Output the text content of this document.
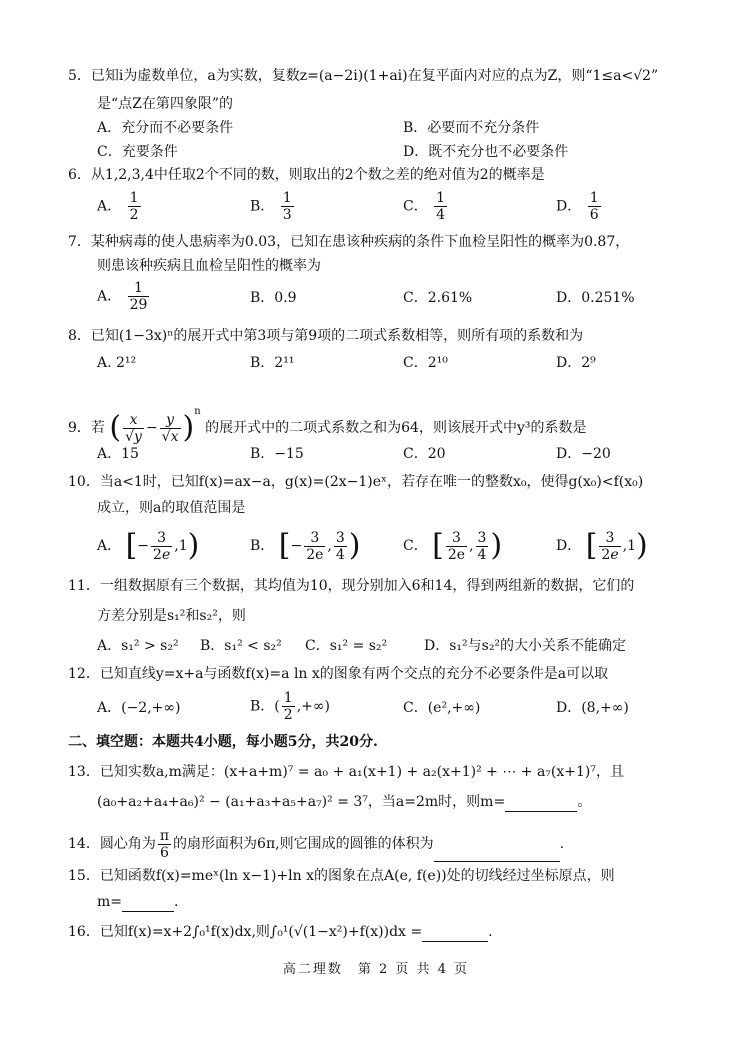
5．已知i为虚数单位，a为实数，复数z=(a−2i)(1+ai)在复平面内对应的点为Z，则“1≤a<√2”
是“点Z在第四象限”的
A．充分而不必要条件	B．必要而不充分条件
C．充要条件	D．既不充分也不必要条件
6．从1,2,3,4中任取2个不同的数，则取出的2个数之差的绝对值为2的概率是
A． $\frac{1}{2}$	B． $\frac{1}{3}$	C． $\frac{1}{4}$	D． $\frac{1}{6}$
7．某种病毒的使人患病率为0.03，已知在患该种疾病的条件下血检呈阳性的概率为0.87，
则患该种疾病且血检呈阳性的概率为
A． $\frac{1}{29}$	B．0.9	C．2.61%	D．0.251%
8．已知(1−3x)ⁿ的展开式中第3项与第9项的二项式系数相等，则所有项的系数和为
A. 2¹²	B．2¹¹	C．2¹⁰	D．2⁹
9．若 ( $\frac{x}{√y} - \frac{y}{√x} )^n$ 的展开式中的二项式系数之和为64，则该展开式中y³的系数是
A．15	B．−15	C．20	D．−20
10．当a<1时，已知f(x)=ax−a，g(x)=(2x−1)eˣ，若存在唯一的整数x₀，使得g(x₀)<f(x₀)
成立，则a的取值范围是
A． [− $\frac{3}{2e} ,1$)	B． [− $\frac{3}{2e}$ , $\frac{3}{4}$ )	C． [ $\frac{3}{2e}$ , $\frac{3}{4}$ )	D． [ $\frac{3}{2e} ,1$)
11．一组数据原有三个数据，其均值为10，现分别加入6和14，得到两组新的数据，它们的
方差分别是s₁²和s₂²，则
A．s₁² > s₂² B．s₁² < s₂² C．s₁² = s₂²	D．s₁²与s₂²的大小关系不能确定
12．已知直线y=x+a与函数f(x)=a ln x的图象有两个交点的充分不必要条件是a可以取
A．(−2,+∞)	B．( $\frac{1}{2}$ ,+∞)	C．(e²,+∞)	D．(8,+∞)
二、填空题：本题共4小题，每小题5分，共20分.
13．已知实数a,m满足：(x+a+m)⁷ = a₀ + a₁(x+1) + a₂(x+1)² + ⋯ + a₇(x+1)⁷，且
(a₀+a₂+a₄+a₆)² − (a₁+a₃+a₅+a₇)² = 3⁷，当a=2m时，则m=	。
14．圆心角为 $\frac{\pi}{6}$ 的扇形面积为6π,则它围成的圆锥的体积为	.
15．已知函数f(x)=meˣ(ln x−1)+ln x的图象在点A(e, f(e))处的切线经过坐标原点，则
m=	.
16．已知f(x)=x+2∫₀¹f(x)dx,则∫₀¹(√(1−x²)+f(x))dx =	.
高二理数　第 2 页 共 4 页
